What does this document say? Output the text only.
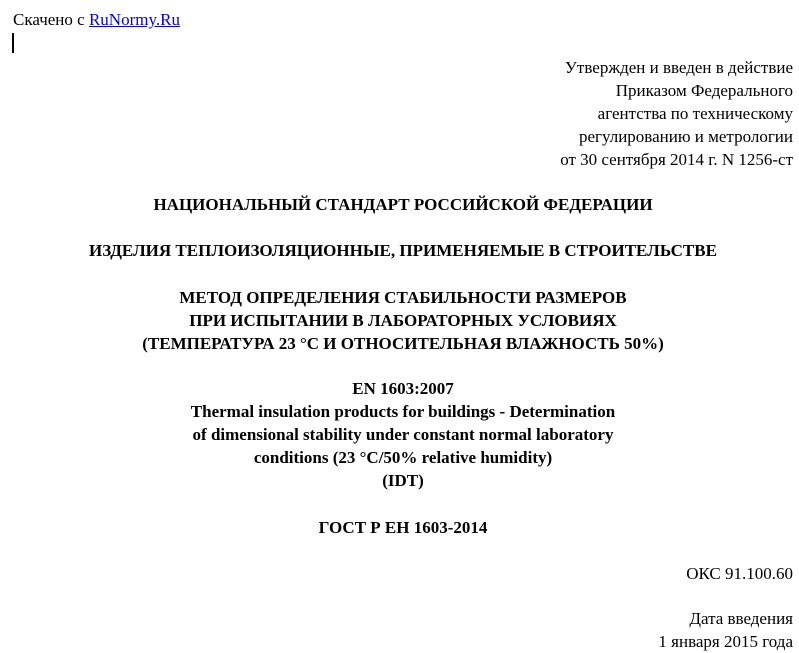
Скачено с RuNormy.Ru
Утвержден и введен в действие
Приказом Федерального
агентства по техническому
регулированию и метрологии
от 30 сентября 2014 г. N 1256-ст
НАЦИОНАЛЬНЫЙ СТАНДАРТ РОССИЙСКОЙ ФЕДЕРАЦИИ
ИЗДЕЛИЯ ТЕПЛОИЗОЛЯЦИОННЫЕ, ПРИМЕНЯЕМЫЕ В СТРОИТЕЛЬСТВЕ
МЕТОД ОПРЕДЕЛЕНИЯ СТАБИЛЬНОСТИ РАЗМЕРОВ
ПРИ ИСПЫТАНИИ В ЛАБОРАТОРНЫХ УСЛОВИЯХ
(ТЕМПЕРАТУРА 23 °С И ОТНОСИТЕЛЬНАЯ ВЛАЖНОСТЬ 50%)
EN 1603:2007
Thermal insulation products for buildings - Determination
of dimensional stability under constant normal laboratory
conditions (23 °C/50% relative humidity)
(IDT)
ГОСТ Р ЕН 1603-2014
ОКС 91.100.60
Дата введения
1 января 2015 года
